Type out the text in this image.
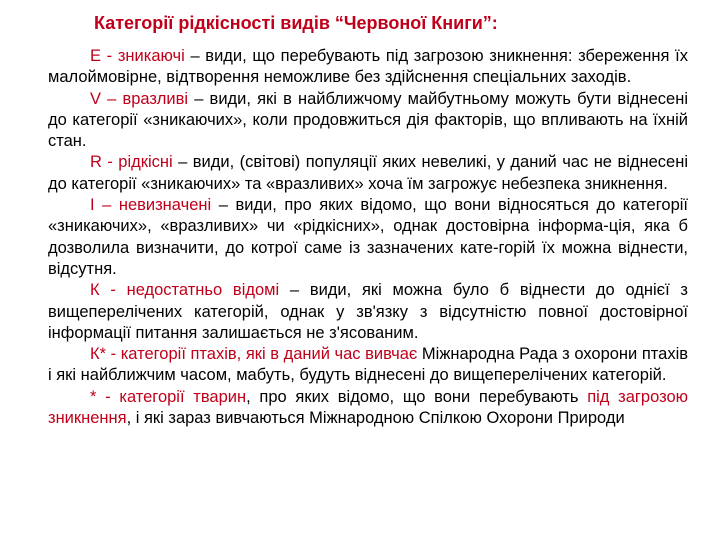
Категорії рідкісності видів “Червоної Книги”:

Е - зникаючі – види, що перебувають під загрозою зникнення: збереження їх малоймовірне, відтворення неможливе без здійснення спеціальних заходів.

V – вразливі – види, які в найближчому майбутньому можуть бути віднесені до категорії «зникаючих», коли продовжиться дія факторів, що впливають на їхній стан.

R - рідкісні – види, (світові) популяції яких невеликі, у даний час не віднесені до категорії «зникаючих» та «вразливих» хоча їм загрожує небезпека зникнення.

I – невизначені – види, про яких відомо, що вони відносяться до категорії «зникаючих», «вразливих» чи «рідкісних», однак достовірна інформа-ція, яка б дозволила визначити, до котрої саме із зазначених кате-горій їх можна віднести, відсутня.

К - недостатньо відомі – види, які можна було б віднести до однієї з вищеперелічених категорій, однак у зв'язку з відсутністю повної достовірної інформації питання залишається не з'ясованим.

К* - категорії птахів, які в даний час вивчає Міжнародна Рада з охорони птахів і які найближчим часом, мабуть, будуть віднесені до вищеперелічених категорій.

* - категорії тварин, про яких відомо, що вони перебувають під загрозою зникнення, і які зараз вивчаються Міжнародною Спілкою Охорони Природи
